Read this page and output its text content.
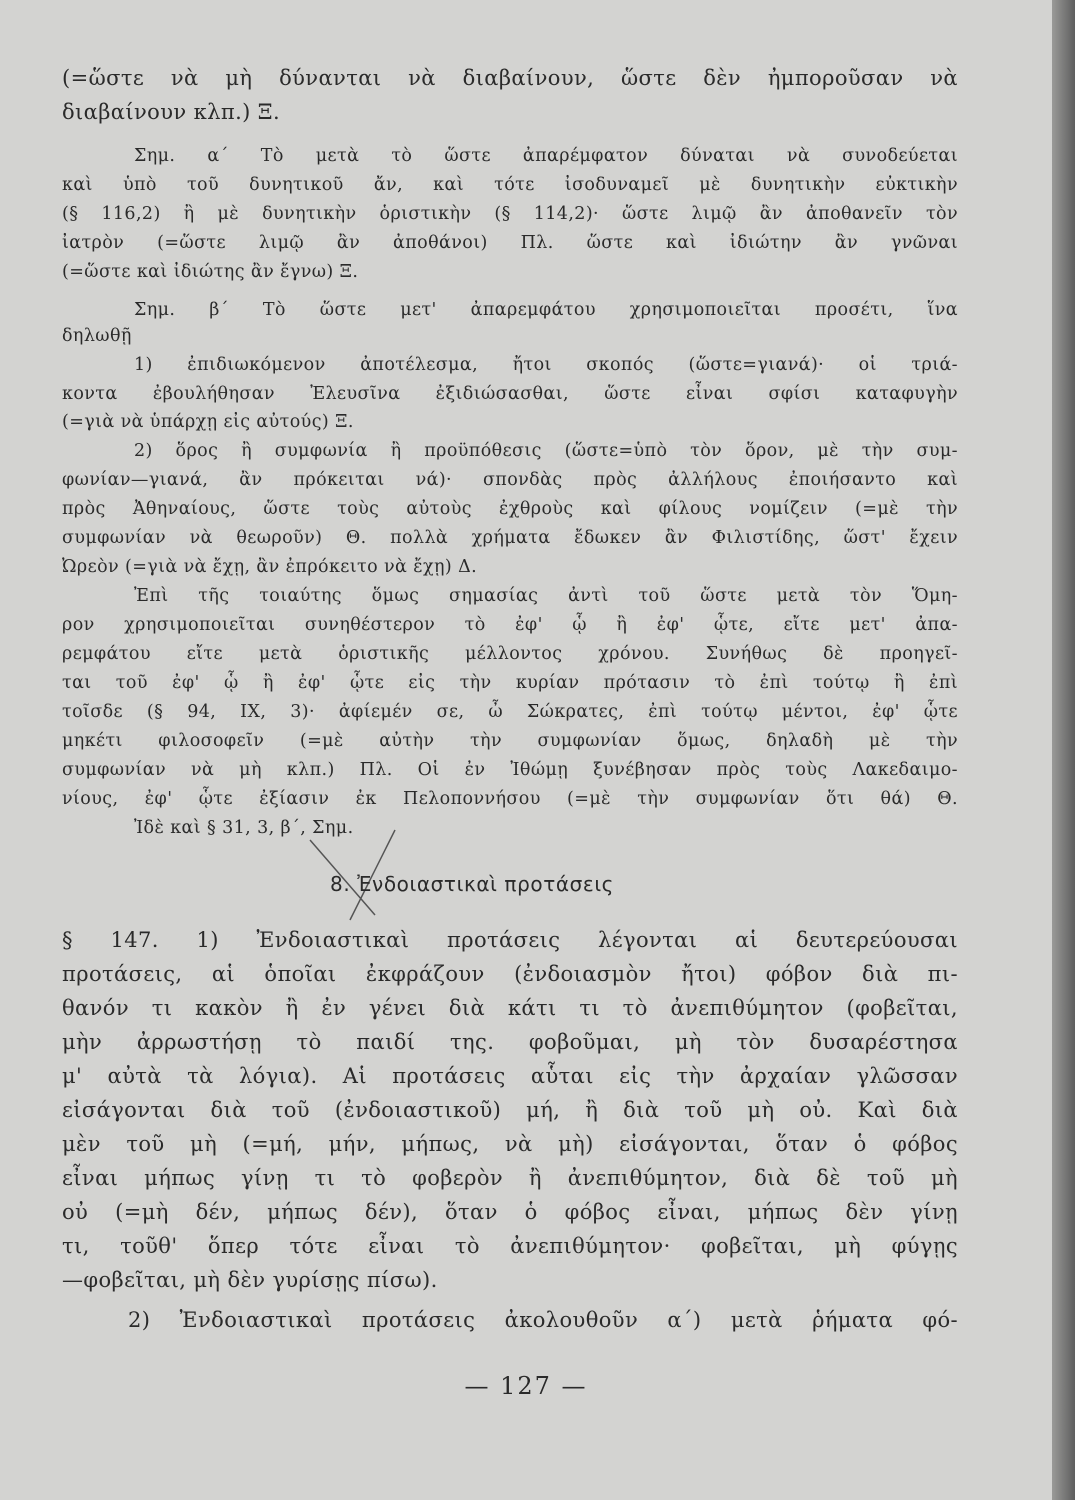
(=ὥστε νὰ μὴ δύνανται νὰ διαβαίνουν, ὥστε δὲν ἠμποροῦσαν νὰ
διαβαίνουν κλπ.) Ξ.
Σημ. α΄ Τὸ μετὰ τὸ ὥστε ἀπαρέμφατον δύναται νὰ συνοδεύεται
καὶ ὑπὸ τοῦ δυνητικοῦ ἄν, καὶ τότε ἰσοδυναμεῖ μὲ δυνητικὴν εὐκτικὴν
(§ 116,2) ἢ μὲ δυνητικὴν ὁριστικὴν (§ 114,2)· ὥστε λιμῷ ἂν ἀποθανεῖν τὸν
ἰατρὸν (=ὥστε λιμῷ ἂν ἀποθάνοι) Πλ. ὥστε καὶ ἰδιώτην ἂν γνῶναι
(=ὥστε καὶ ἰδιώτης ἂν ἔγνω) Ξ.
Σημ. β΄ Τὸ ὥστε μετ' ἀπαρεμφάτου χρησιμοποιεῖται προσέτι, ἵνα
δηλωθῇ
1) ἐπιδιωκόμενον ἀποτέλεσμα, ἤτοι σκοπός (ὥστε=γιανά)· οἱ τριά-
κοντα ἐβουλήθησαν Ἐλευσῖνα ἐξιδιώσασθαι, ὥστε εἶναι σφίσι καταφυγὴν
(=γιὰ νὰ ὑπάρχῃ εἰς αὐτούς) Ξ.
2) ὅρος ἢ συμφωνία ἢ προϋπόθεσις (ὥστε=ὑπὸ τὸν ὅρον, μὲ τὴν συμ-
φωνίαν—γιανά, ἂν πρόκειται νά)· σπονδὰς πρὸς ἀλλήλους ἐποιήσαντο καὶ
πρὸς Ἀθηναίους, ὥστε τοὺς αὐτοὺς ἐχθροὺς καὶ φίλους νομίζειν (=μὲ τὴν
συμφωνίαν νὰ θεωροῦν) Θ. πολλὰ χρήματα ἔδωκεν ἂν Φιλιστίδης, ὥστ' ἔχειν
Ὠρεὸν (=γιὰ νὰ ἔχῃ, ἂν ἐπρόκειτο νὰ ἔχῃ) Δ.
Ἐπὶ τῆς τοιαύτης ὅμως σημασίας ἀντὶ τοῦ ὥστε μετὰ τὸν Ὅμη-
ρον χρησιμοποιεῖται συνηθέστερον τὸ ἐφ' ᾧ ἢ ἐφ' ᾧτε, εἴτε μετ' ἀπα-
ρεμφάτου εἴτε μετὰ ὁριστικῆς μέλλοντος χρόνου. Συνήθως δὲ προηγεῖ-
ται τοῦ ἐφ' ᾧ ἢ ἐφ' ᾧτε εἰς τὴν κυρίαν πρότασιν τὸ ἐπὶ τούτῳ ἢ ἐπὶ
τοῖσδε (§ 94, IX, 3)· ἀφίεμέν σε, ὦ Σώκρατες, ἐπὶ τούτῳ μέντοι, ἐφ' ᾧτε
μηκέτι φιλοσοφεῖν (=μὲ αὐτὴν τὴν συμφωνίαν ὅμως, δηλαδὴ μὲ τὴν
συμφωνίαν νὰ μὴ κλπ.) Πλ. Οἱ ἐν Ἰθώμῃ ξυνέβησαν πρὸς τοὺς Λακεδαιμο-
νίους, ἐφ' ᾧτε ἐξίασιν ἐκ Πελοποννήσου (=μὲ τὴν συμφωνίαν ὅτι θά) Θ.
Ἰδὲ καὶ § 31, 3, β΄, Σημ.
8. Ἐνδοιαστικαὶ προτάσεις
§ 147. 1) Ἐνδοιαστικαὶ προτάσεις λέγονται αἱ δευτερεύουσαι
προτάσεις, αἱ ὁποῖαι ἐκφράζουν (ἐνδοιασμὸν ἤτοι) φόβον διὰ πι-
θανόν τι κακὸν ἢ ἐν γένει διὰ κάτι τι τὸ ἀνεπιθύμητον (φοβεῖται,
μὴν ἀρρωστήσῃ τὸ παιδί της. φοβοῦμαι, μὴ τὸν δυσαρέστησα
μ' αὐτὰ τὰ λόγια). Αἱ προτάσεις αὗται εἰς τὴν ἀρχαίαν γλῶσσαν
εἰσάγονται διὰ τοῦ (ἐνδοιαστικοῦ) μή, ἢ διὰ τοῦ μὴ οὐ. Καὶ διὰ
μὲν τοῦ μὴ (=μή, μήν, μήπως, νὰ μὴ) εἰσάγονται, ὅταν ὁ φόβος
εἶναι μήπως γίνῃ τι τὸ φοβερὸν ἢ ἀνεπιθύμητον, διὰ δὲ τοῦ μὴ
οὐ (=μὴ δέν, μήπως δέν), ὅταν ὁ φόβος εἶναι, μήπως δὲν γίνῃ
τι, τοῦθ' ὅπερ τότε εἶναι τὸ ἀνεπιθύμητον· φοβεῖται, μὴ φύγῃς
—φοβεῖται, μὴ δὲν γυρίσῃς πίσω).
2) Ἐνδοιαστικαὶ προτάσεις ἀκολουθοῦν α΄) μετὰ ῥήματα φό-
— 127 —
